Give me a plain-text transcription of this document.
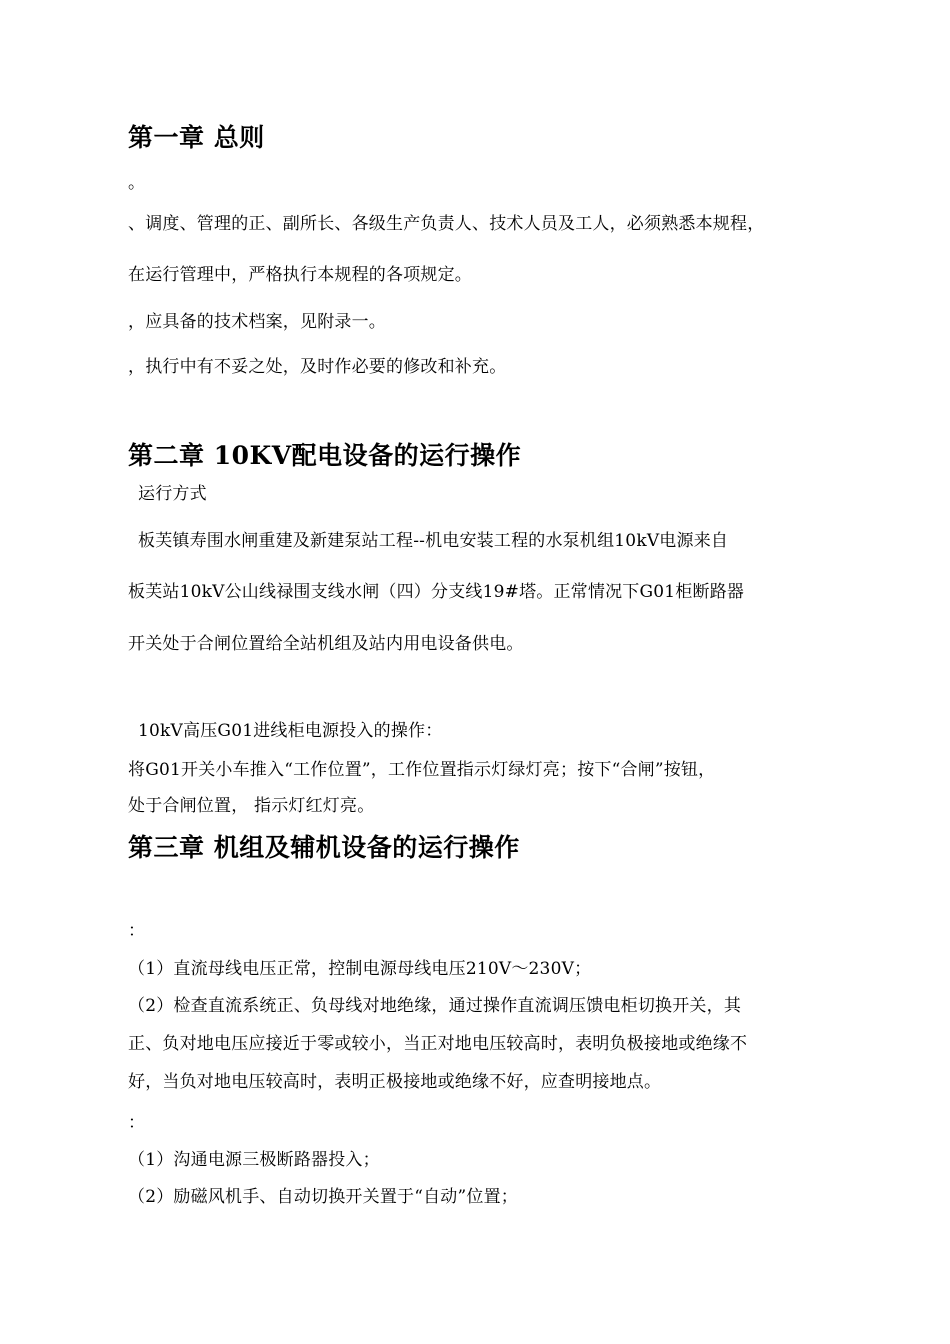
第一章 总则
。
、调度、管理的正、副所长、各级生产负责人、技术人员及工人，必须熟悉本规程，
在运行管理中，严格执行本规程的各项规定。
，应具备的技术档案，见附录一。
，执行中有不妥之处，及时作必要的修改和补充。
第二章 10KV配电设备的运行操作
运行方式
板芙镇寿围水闸重建及新建泵站工程--机电安装工程的水泵机组10kV电源来自
板芙站10kV公山线禄围支线水闸（四）分支线19#塔。正常情况下G01柜断路器
开关处于合闸位置给全站机组及站内用电设备供电。
10kV高压G01进线柜电源投入的操作：
将G01开关小车推入“工作位置”，工作位置指示灯绿灯亮；按下“合闸”按钮，
处于合闸位置， 指示灯红灯亮。
第三章 机组及辅机设备的运行操作
：
（1）直流母线电压正常，控制电源母线电压210V～230V；
（2）检查直流系统正、负母线对地绝缘，通过操作直流调压馈电柜切换开关，其
正、负对地电压应接近于零或较小，当正对地电压较高时，表明负极接地或绝缘不
好，当负对地电压较高时，表明正极接地或绝缘不好，应查明接地点。
：
（1）沟通电源三极断路器投入；
（2）励磁风机手、自动切换开关置于“自动”位置；
